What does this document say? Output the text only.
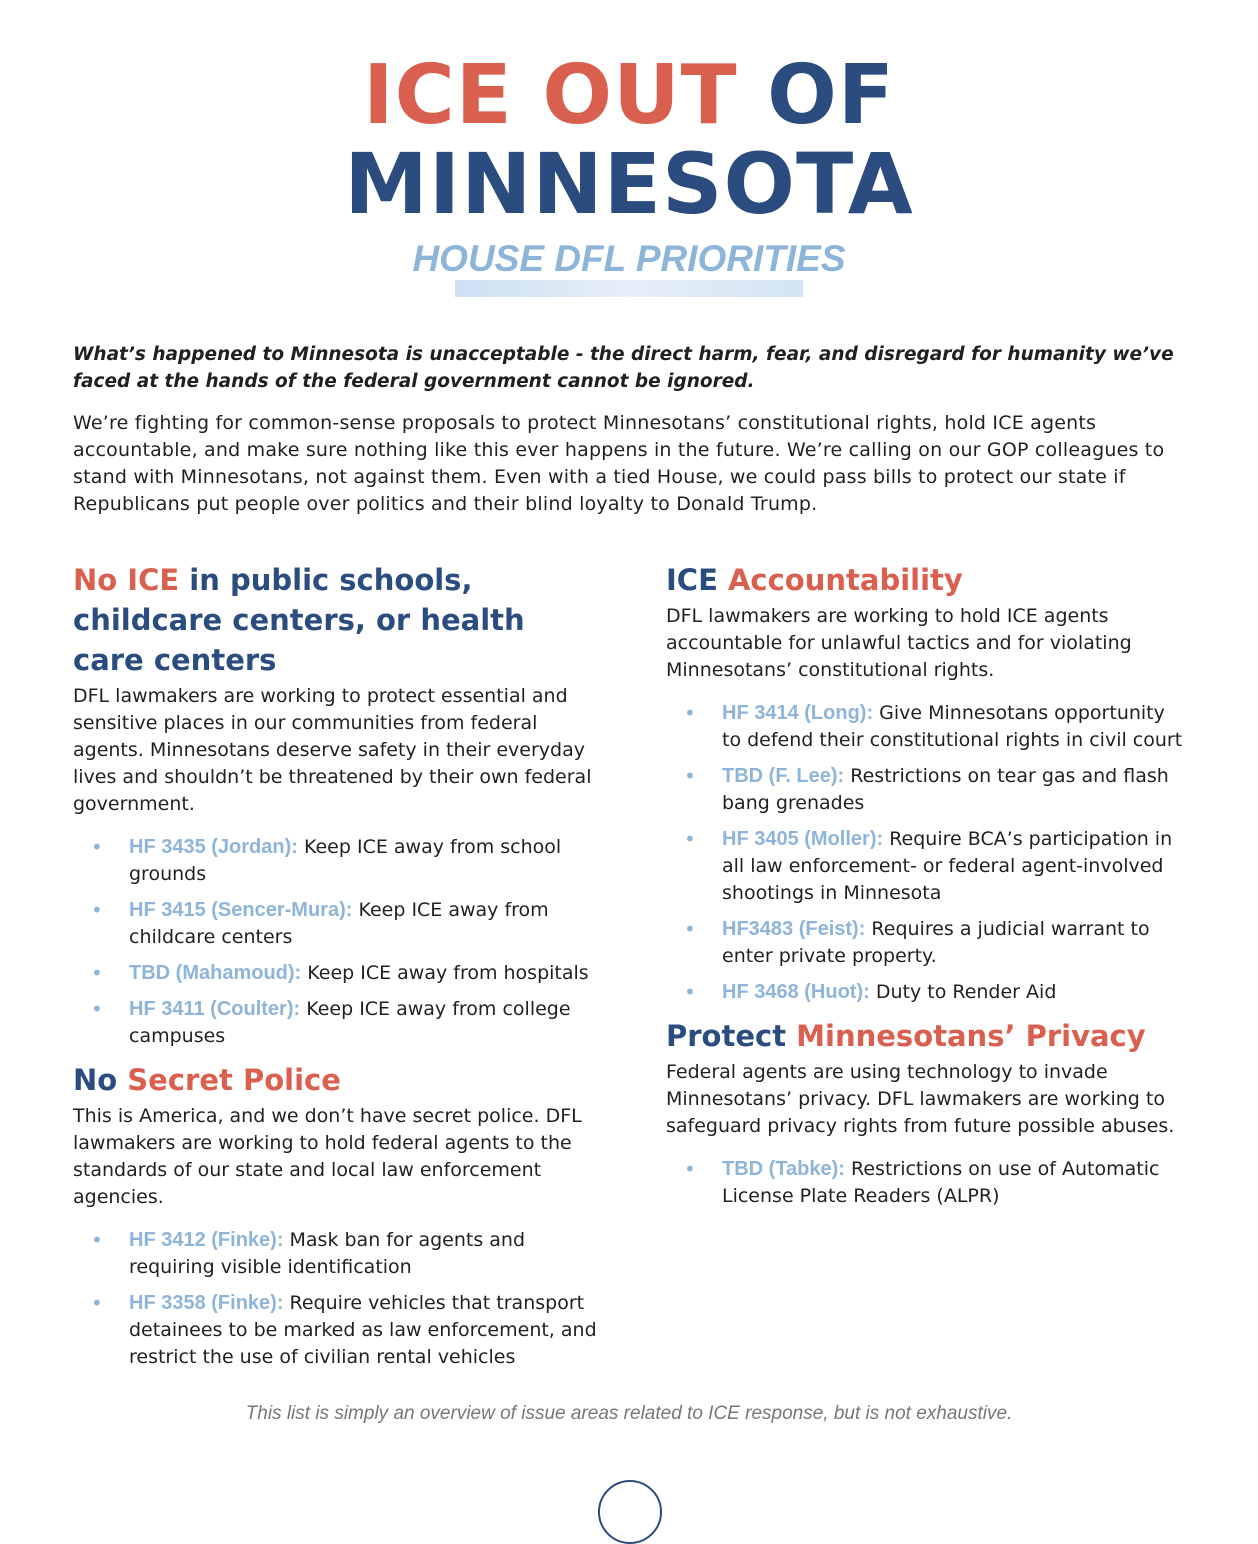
ICE OUT OF
MINNESOTA
HOUSE DFL PRIORITIES
What’s happened to Minnesota is unacceptable - the direct harm, fear, and disregard for humanity we’ve faced at the hands of the federal government cannot be ignored.
We’re fighting for common-sense proposals to protect Minnesotans’ constitutional rights, hold ICE agents accountable, and make sure nothing like this ever happens in the future. We’re calling on our GOP colleagues to stand with Minnesotans, not against them. Even with a tied House, we could pass bills to protect our state if Republicans put people over politics and their blind loyalty to Donald Trump.
No ICE in public schools, childcare centers, or health care centers

DFL lawmakers are working to protect essential and sensitive places in our communities from federal agents. Minnesotans deserve safety in their everyday lives and shouldn’t be threatened by their own federal government.

• HF 3435 (Jordan): Keep ICE away from school grounds
• HF 3415 (Sencer-Mura): Keep ICE away from childcare centers
• TBD (Mahamoud): Keep ICE away from hospitals
• HF 3411 (Coulter): Keep ICE away from college campuses
No Secret Police

This is America, and we don’t have secret police. DFL lawmakers are working to hold federal agents to the standards of our state and local law enforcement agencies.

• HF 3412 (Finke): Mask ban for agents and requiring visible identification
• HF 3358 (Finke): Require vehicles that transport detainees to be marked as law enforcement, and restrict the use of civilian rental vehicles
ICE Accountability

DFL lawmakers are working to hold ICE agents accountable for unlawful tactics and for violating Minnesotans’ constitutional rights.

• HF 3414 (Long): Give Minnesotans opportunity to defend their constitutional rights in civil court
• TBD (F. Lee): Restrictions on tear gas and flash bang grenades
• HF 3405 (Moller): Require BCA’s participation in all law enforcement- or federal agent-involved shootings in Minnesota
• HF3483 (Feist): Requires a judicial warrant to enter private property.
• HF 3468 (Huot): Duty to Render Aid
Protect Minnesotans’ Privacy

Federal agents are using technology to invade Minnesotans’ privacy. DFL lawmakers are working to safeguard privacy rights from future possible abuses.

• TBD (Tabke): Restrictions on use of Automatic License Plate Readers (ALPR)
This list is simply an overview of issue areas related to ICE response, but is not exhaustive.
